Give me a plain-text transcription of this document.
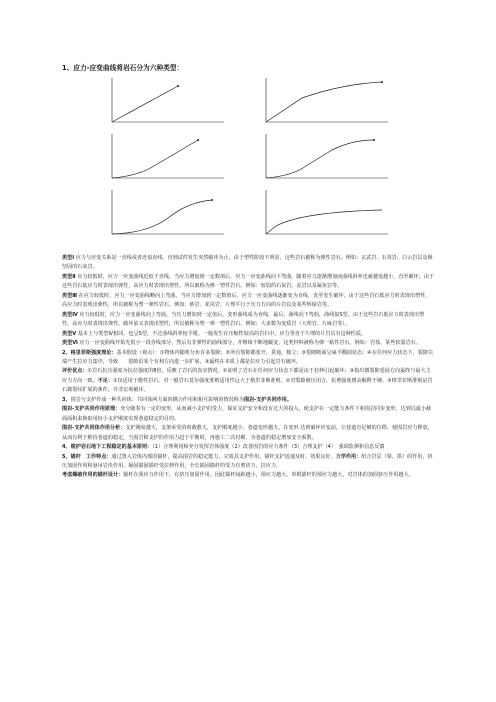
1、应力-应变曲线将岩石分为六种类型：

类型Ⅰ 应力与应变关系是一直线或者近似直线，直到试件发生突然破坏为止。由于塑性阶段不明显，这些岩石被称为弹性岩石。例如：玄武岩、石英岩、白云岩以及极坚固的石灰岩。

类型Ⅱ 应力较低时，应力一应变曲线近似于直线，当应力增加到一定数值后，应力一应变曲线向下弯曲，随着应力逐渐增加而曲线斜率也就越变越小，直至破坏。由于这些岩石低应力时表现出弹性，高应力时表现出塑性，所以被称为弹一塑性岩石。例如：较弱的石灰岩、泥岩以及凝灰岩等。

类型Ⅲ 在应力较低时，应力一应变曲线略向上弯曲。当应力增加到一定数值后，应力一应变曲线逐渐变为直线，直至发生破坏。由于这些岩石低应力时表现出塑性，高应力时表现出弹性，所以被称为塑一弹性岩石。例如：砂岩、花岗岩、片理平行于压力方向的片岩以及某些辉绿岩等。

类型Ⅳ 应力较低时，应力一应变曲线向上弯曲，当压力增加到一定值后，变形曲线成为直线，最后，曲线向下弯曲，曲线似S型。由于这些岩石低应力时表现出塑性，高应力时表现出弹性，破坏前又表现出塑性，所以被称为塑一弹一塑性岩石。例如：大多数为变质岩（大理岩、片麻岩等）。

类型Ⅴ 基本上与类型Ⅳ相同，也呈S型，不过曲线斜率较平缓。一般发生在压缩性较高的岩石中。应力垂直于片理的片岩具有这种性质。

类型Ⅵ 应力一应变曲线开始先很小一段直线部分，然后有非弹性的曲线部分，并继续不断地蠕变。这类材料被称为弹一粘性岩石。例如：岩盐、某些软弱岩石。

2、格里菲斯强度理论：基本假设（观点）：①物体内随机分布许多裂隙；②所有裂隙都张开、贯通、独立；③裂隙断面呈扁平椭圆状态；④在任何应力状态下，裂隙尖端产生拉应力集中，导致　　裂隙沿某个有利方向进一步扩展，③最终在本质上都是拉应力引起岩石破坏。

评价优点：①岩石抗压强度为抗拉强度的8倍，反映了岩石的真实情况。②证明了岩石在任何应力状态下都是由于拉伸引起破坏；③指出微裂隙延展方向最终与最大主应力方向一致。不足：①仅适用于脆性岩石，对一般岩石莫尔强度准则适用性远大于格里菲斯准则。②对裂隙被压闭合，抗剪强度增高解释不够。③格里菲斯准则是岩石微裂纹扩展的条件，并非宏观破坏。

3、围岩与支护作成一种共同体：共同体两方面的耦合作用和相互影响的情况称为围岩-支护共同作用。

围岩-支护共同作用原理：充分随着有一定的变形，从而减小支护的受力，保证支护安全和没有过大的投入，使支护在一定能力条件下和围岩同步变形，达到以最小截面面积来换取用较小支护刚度实现巷道稳定的目的。

围岩-支护共同体作用分析：支护刚度越大，支架承受的荷载愈大，支护刚度越小，巷道变形越大，在变形 达到破坏应变前，让巷道有足够的位移，使围岩应力释放，从而有利于维持巷道的稳定，当围岩和支护的作用力趋于平衡时，再施工二次衬砌，为巷道的稳定增加安全系数。

4、维护岩石地下工程稳定的基本原则：（1）合理利用和充分发挥岩体强度（2）改善围岩的应力条件（3）合理支护（4）　强调监测和信息反馈

5、锚杆　工作特点：通过置入岩体内部的锚杆，提高围岩的稳定能力，完成其支护作用。锚杆支护适速及时，效果良好。力学作用：组合岩层（梁、拱）的作用，挤压加固作用和悬吊岩块作用。凝固锚固锚杆受拉伸作用，全长锚固锚杆的受力有剪切力，拉应力。

考虑爆破作用的锚杆设计：锚杆在预应力作用下，有挤压加固作用。因此锚杆间距越小，预应力越大，单根锚杆的预应力越大，对岩体的加固挤压作用越大。
